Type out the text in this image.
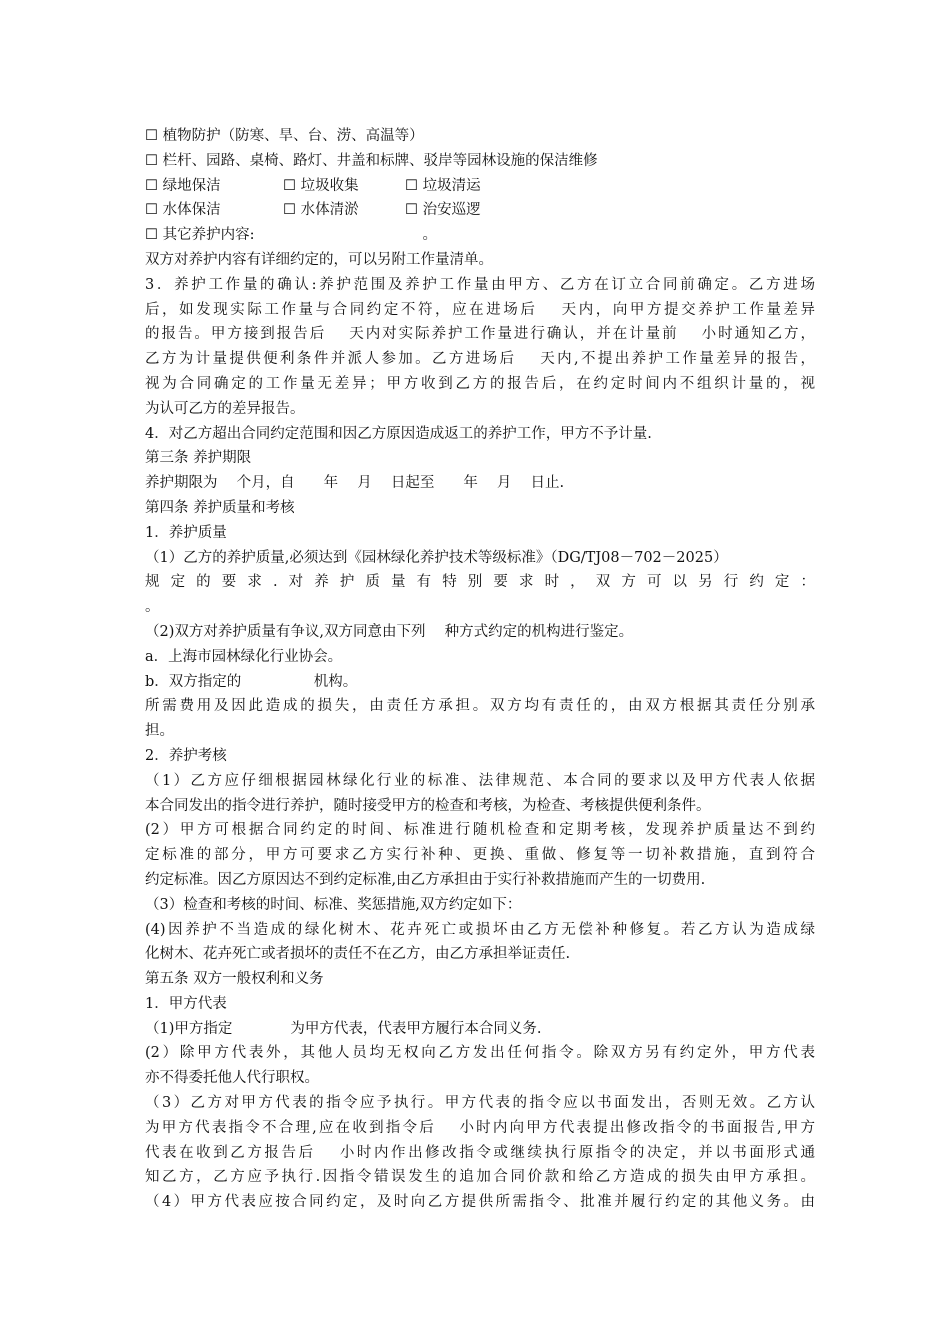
☐ 植物防护（防寒、旱、台、涝、高温等）
☐ 栏杆、园路、桌椅、路灯、井盖和标牌、驳岸等园林设施的保洁维修
☐ 绿地保洁	☐ 垃圾收集	☐ 垃圾清运
☐ 水体保洁	☐ 水体清淤	☐ 治安巡逻
☐ 其它养护内容:	。
双方对养护内容有详细约定的，可以另附工作量清单。
3．养护工作量的确认:养护范围及养护工作量由甲方、乙方在订立合同前确定。乙方进场
后，如发现实际工作量与合同约定不符，应在进场后　 天内，向甲方提交养护工作量差异
的报告。甲方接到报告后　 天内对实际养护工作量进行确认，并在计量前　 小时通知乙方，
乙方为计量提供便利条件并派人参加。乙方进场后　 天内,不提出养护工作量差异的报告，
视为合同确定的工作量无差异；甲方收到乙方的报告后，在约定时间内不组织计量的，视
为认可乙方的差异报告。
4．对乙方超出合同约定范围和因乙方原因造成返工的养护工作，甲方不予计量.
第三条 养护期限
养护期限为　 个月，自　　年　 月　 日起至　　年　 月　 日止.
第四条 养护质量和考核
1．养护质量
（1）乙方的养护质量,必须达到《园林绿化养护技术等级标准》（DG/TJ08－702－2025）
规定的要求.对养护质量有特别要求时，双方可以另行约定：
。
（2)双方对养护质量有争议,双方同意由下列　 种方式约定的机构进行鉴定。
a．上海市园林绿化行业协会。
b．双方指定的　　　　　机构。
所需费用及因此造成的损失，由责任方承担。双方均有责任的，由双方根据其责任分别承
担。
2．养护考核
（1）乙方应仔细根据园林绿化行业的标准、法律规范、本合同的要求以及甲方代表人依据
本合同发出的指令进行养护，随时接受甲方的检查和考核，为检查、考核提供便利条件。
(2）甲方可根据合同约定的时间、标准进行随机检查和定期考核，发现养护质量达不到约
定标准的部分，甲方可要求乙方实行补种、更换、重做、修复等一切补救措施，直到符合
约定标准。因乙方原因达不到约定标准,由乙方承担由于实行补救措施而产生的一切费用.
（3）检查和考核的时间、标准、奖惩措施,双方约定如下：
(4)因养护不当造成的绿化树木、花卉死亡或损坏由乙方无偿补种修复。若乙方认为造成绿
化树木、花卉死亡或者损坏的责任不在乙方，由乙方承担举证责任.
第五条 双方一般权利和义务
1．甲方代表
（1)甲方指定　　　　为甲方代表，代表甲方履行本合同义务.
(2）除甲方代表外，其他人员均无权向乙方发出任何指令。除双方另有约定外，甲方代表
亦不得委托他人代行职权。
（3）乙方对甲方代表的指令应予执行。甲方代表的指令应以书面发出，否则无效。乙方认
为甲方代表指令不合理,应在收到指令后　 小时内向甲方代表提出修改指令的书面报告,甲方
代表在收到乙方报告后　 小时内作出修改指令或继续执行原指令的决定，并以书面形式通
知乙方，乙方应予执行.因指令错误发生的追加合同价款和给乙方造成的损失由甲方承担。
（4）甲方代表应按合同约定，及时向乙方提供所需指令、批准并履行约定的其他义务。由
